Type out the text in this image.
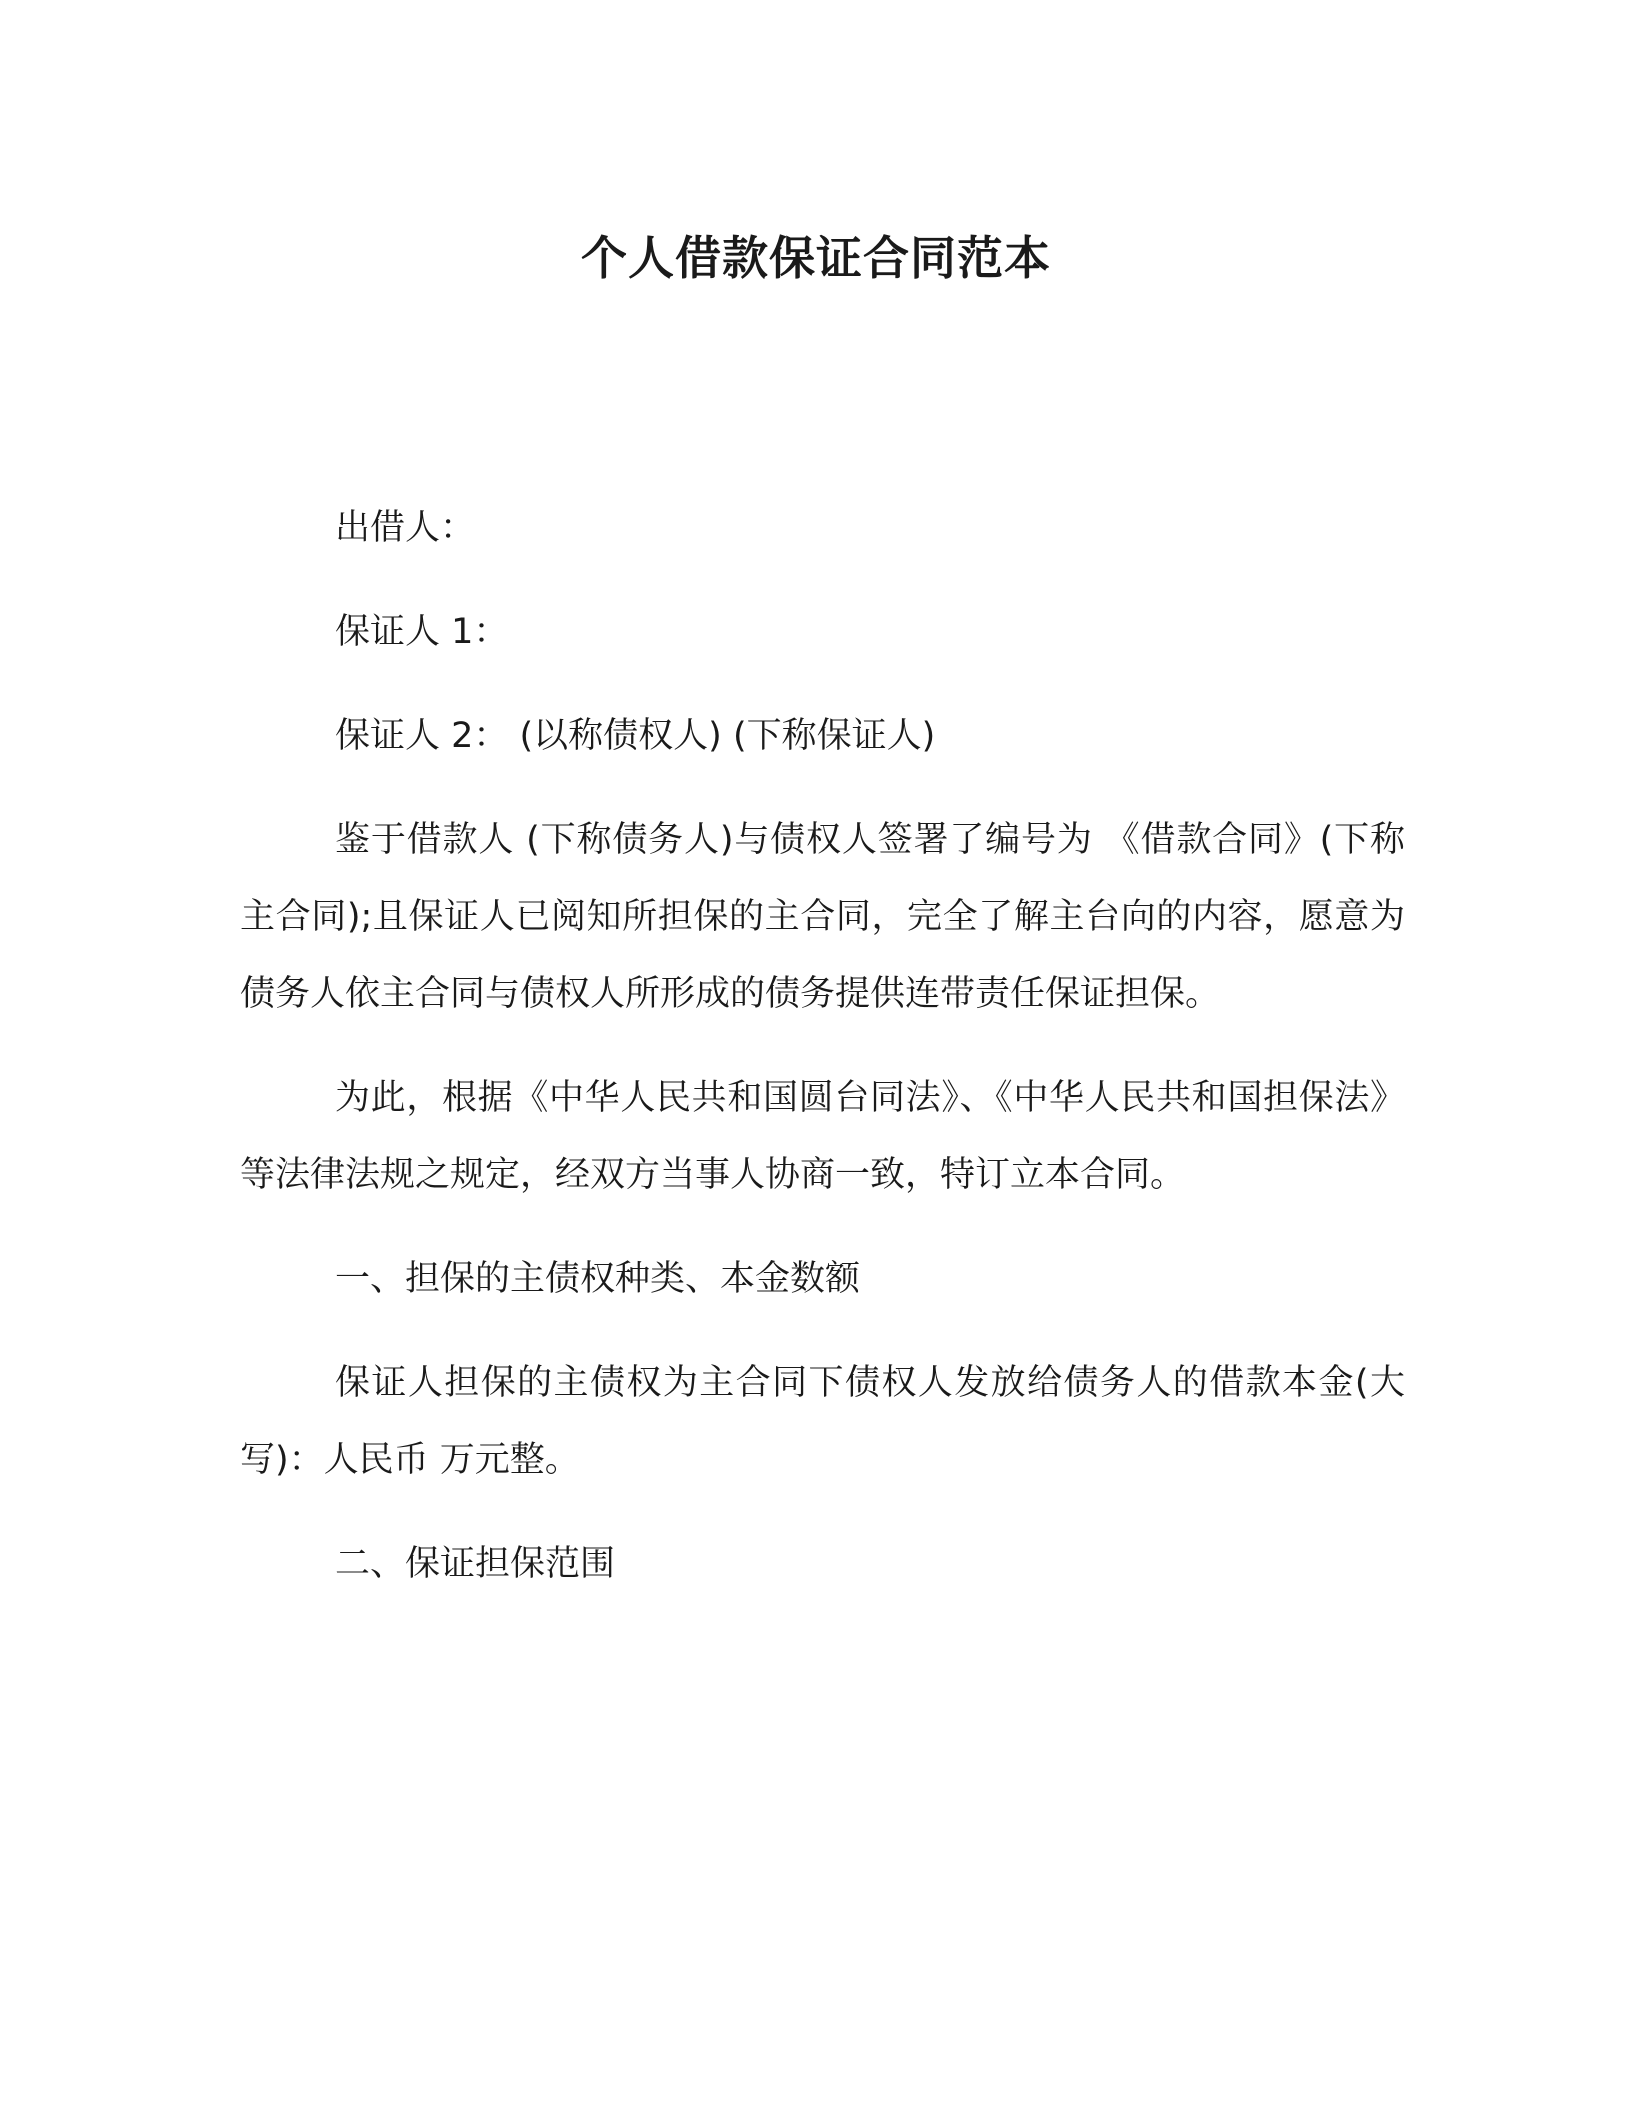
个人借款保证合同范本

出借人：

保证人 1：

保证人 2： (以称债权人) (下称保证人)

鉴于借款人 (下称债务人)与债权人签署了编号为 《借款合同》(下称主合同);且保证人已阅知所担保的主合同，完全了解主台向的内容，愿意为债务人依主合同与债权人所形成的债务提供连带责任保证担保。

为此，根据《中华人民共和国圆台同法》、《中华人民共和国担保法》等法律法规之规定，经双方当事人协商一致，特订立本合同。

一、担保的主债权种类、本金数额

保证人担保的主债权为主合同下债权人发放给债务人的借款本金(大写)：人民币 万元整。

二、保证担保范围
